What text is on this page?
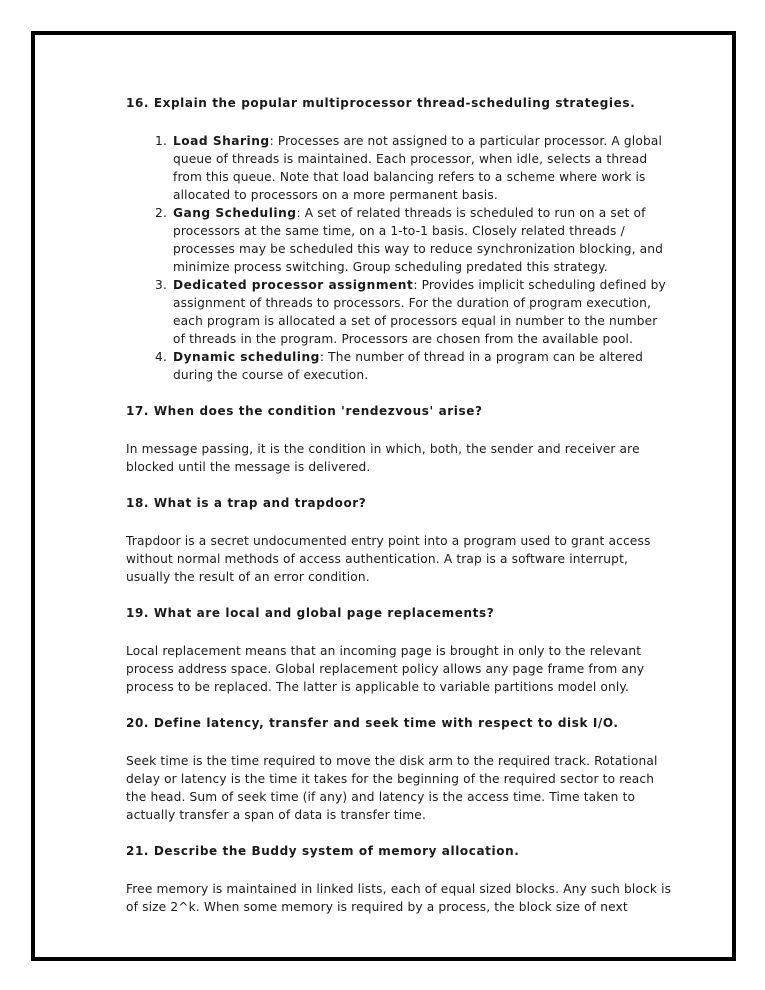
16. Explain the popular multiprocessor thread-scheduling strategies.

1. Load Sharing: Processes are not assigned to a particular processor. A global queue of threads is maintained. Each processor, when idle, selects a thread from this queue. Note that load balancing refers to a scheme where work is allocated to processors on a more permanent basis.
2. Gang Scheduling: A set of related threads is scheduled to run on a set of processors at the same time, on a 1-to-1 basis. Closely related threads / processes may be scheduled this way to reduce synchronization blocking, and minimize process switching. Group scheduling predated this strategy.
3. Dedicated processor assignment: Provides implicit scheduling defined by assignment of threads to processors. For the duration of program execution, each program is allocated a set of processors equal in number to the number of threads in the program. Processors are chosen from the available pool.
4. Dynamic scheduling: The number of thread in a program can be altered during the course of execution.

17. When does the condition 'rendezvous' arise?

In message passing, it is the condition in which, both, the sender and receiver are blocked until the message is delivered.

18. What is a trap and trapdoor?

Trapdoor is a secret undocumented entry point into a program used to grant access without normal methods of access authentication. A trap is a software interrupt, usually the result of an error condition.

19. What are local and global page replacements?

Local replacement means that an incoming page is brought in only to the relevant process address space. Global replacement policy allows any page frame from any process to be replaced. The latter is applicable to variable partitions model only.

20. Define latency, transfer and seek time with respect to disk I/O.

Seek time is the time required to move the disk arm to the required track. Rotational delay or latency is the time it takes for the beginning of the required sector to reach the head. Sum of seek time (if any) and latency is the access time. Time taken to actually transfer a span of data is transfer time.

21. Describe the Buddy system of memory allocation.

Free memory is maintained in linked lists, each of equal sized blocks. Any such block is of size 2^k. When some memory is required by a process, the block size of next
